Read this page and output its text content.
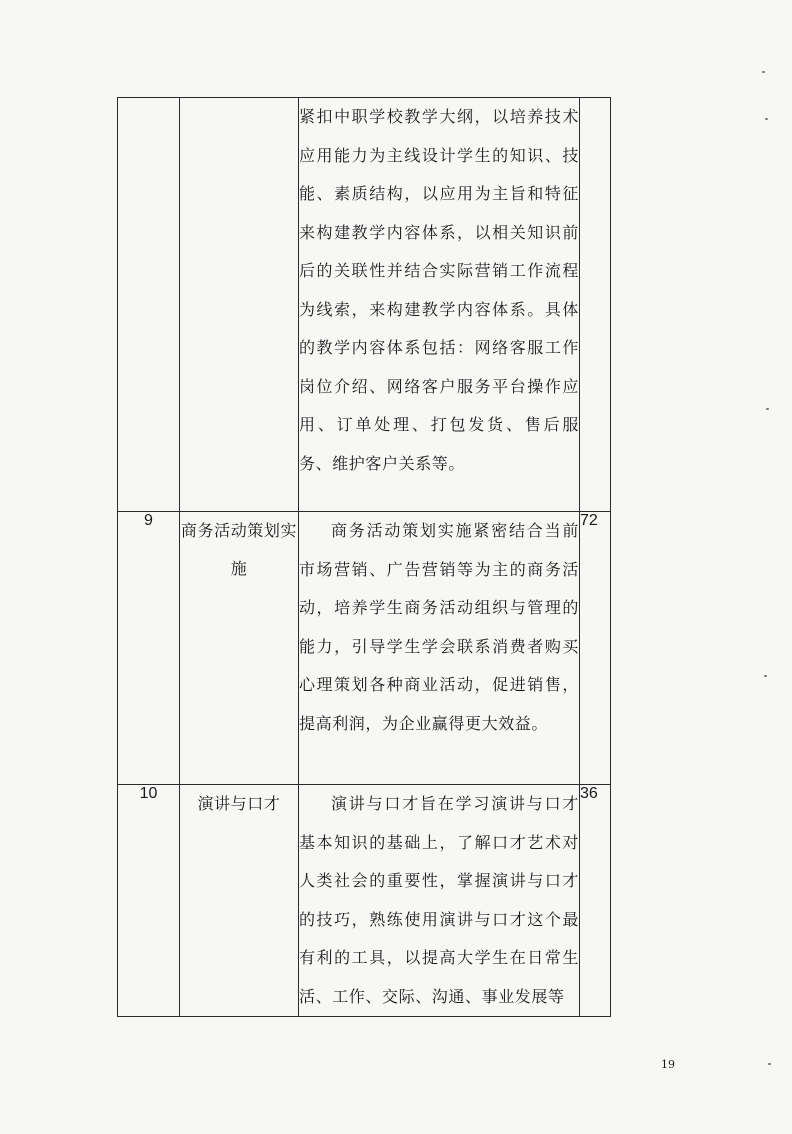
		紧扣中职学校教学大纲，以培养技术应用能力为主线设计学生的知识、技能、素质结构，以应用为主旨和特征来构建教学内容体系，以相关知识前后的关联性并结合实际营销工作流程为线索，来构建教学内容体系。具体的教学内容体系包括：网络客服工作岗位介绍、网络客户服务平台操作应用、订单处理、打包发货、售后服务、维护客户关系等。	
9	商务活动策划实施	商务活动策划实施紧密结合当前市场营销、广告营销等为主的商务活动，培养学生商务活动组织与管理的能力，引导学生学会联系消费者购买心理策划各种商业活动，促进销售，提高利润，为企业赢得更大效益。	72
10	演讲与口才	演讲与口才旨在学习演讲与口才基本知识的基础上，了解口才艺术对人类社会的重要性，掌握演讲与口才的技巧，熟练使用演讲与口才这个最有利的工具，以提高大学生在日常生活、工作、交际、沟通、事业发展等	36
19
